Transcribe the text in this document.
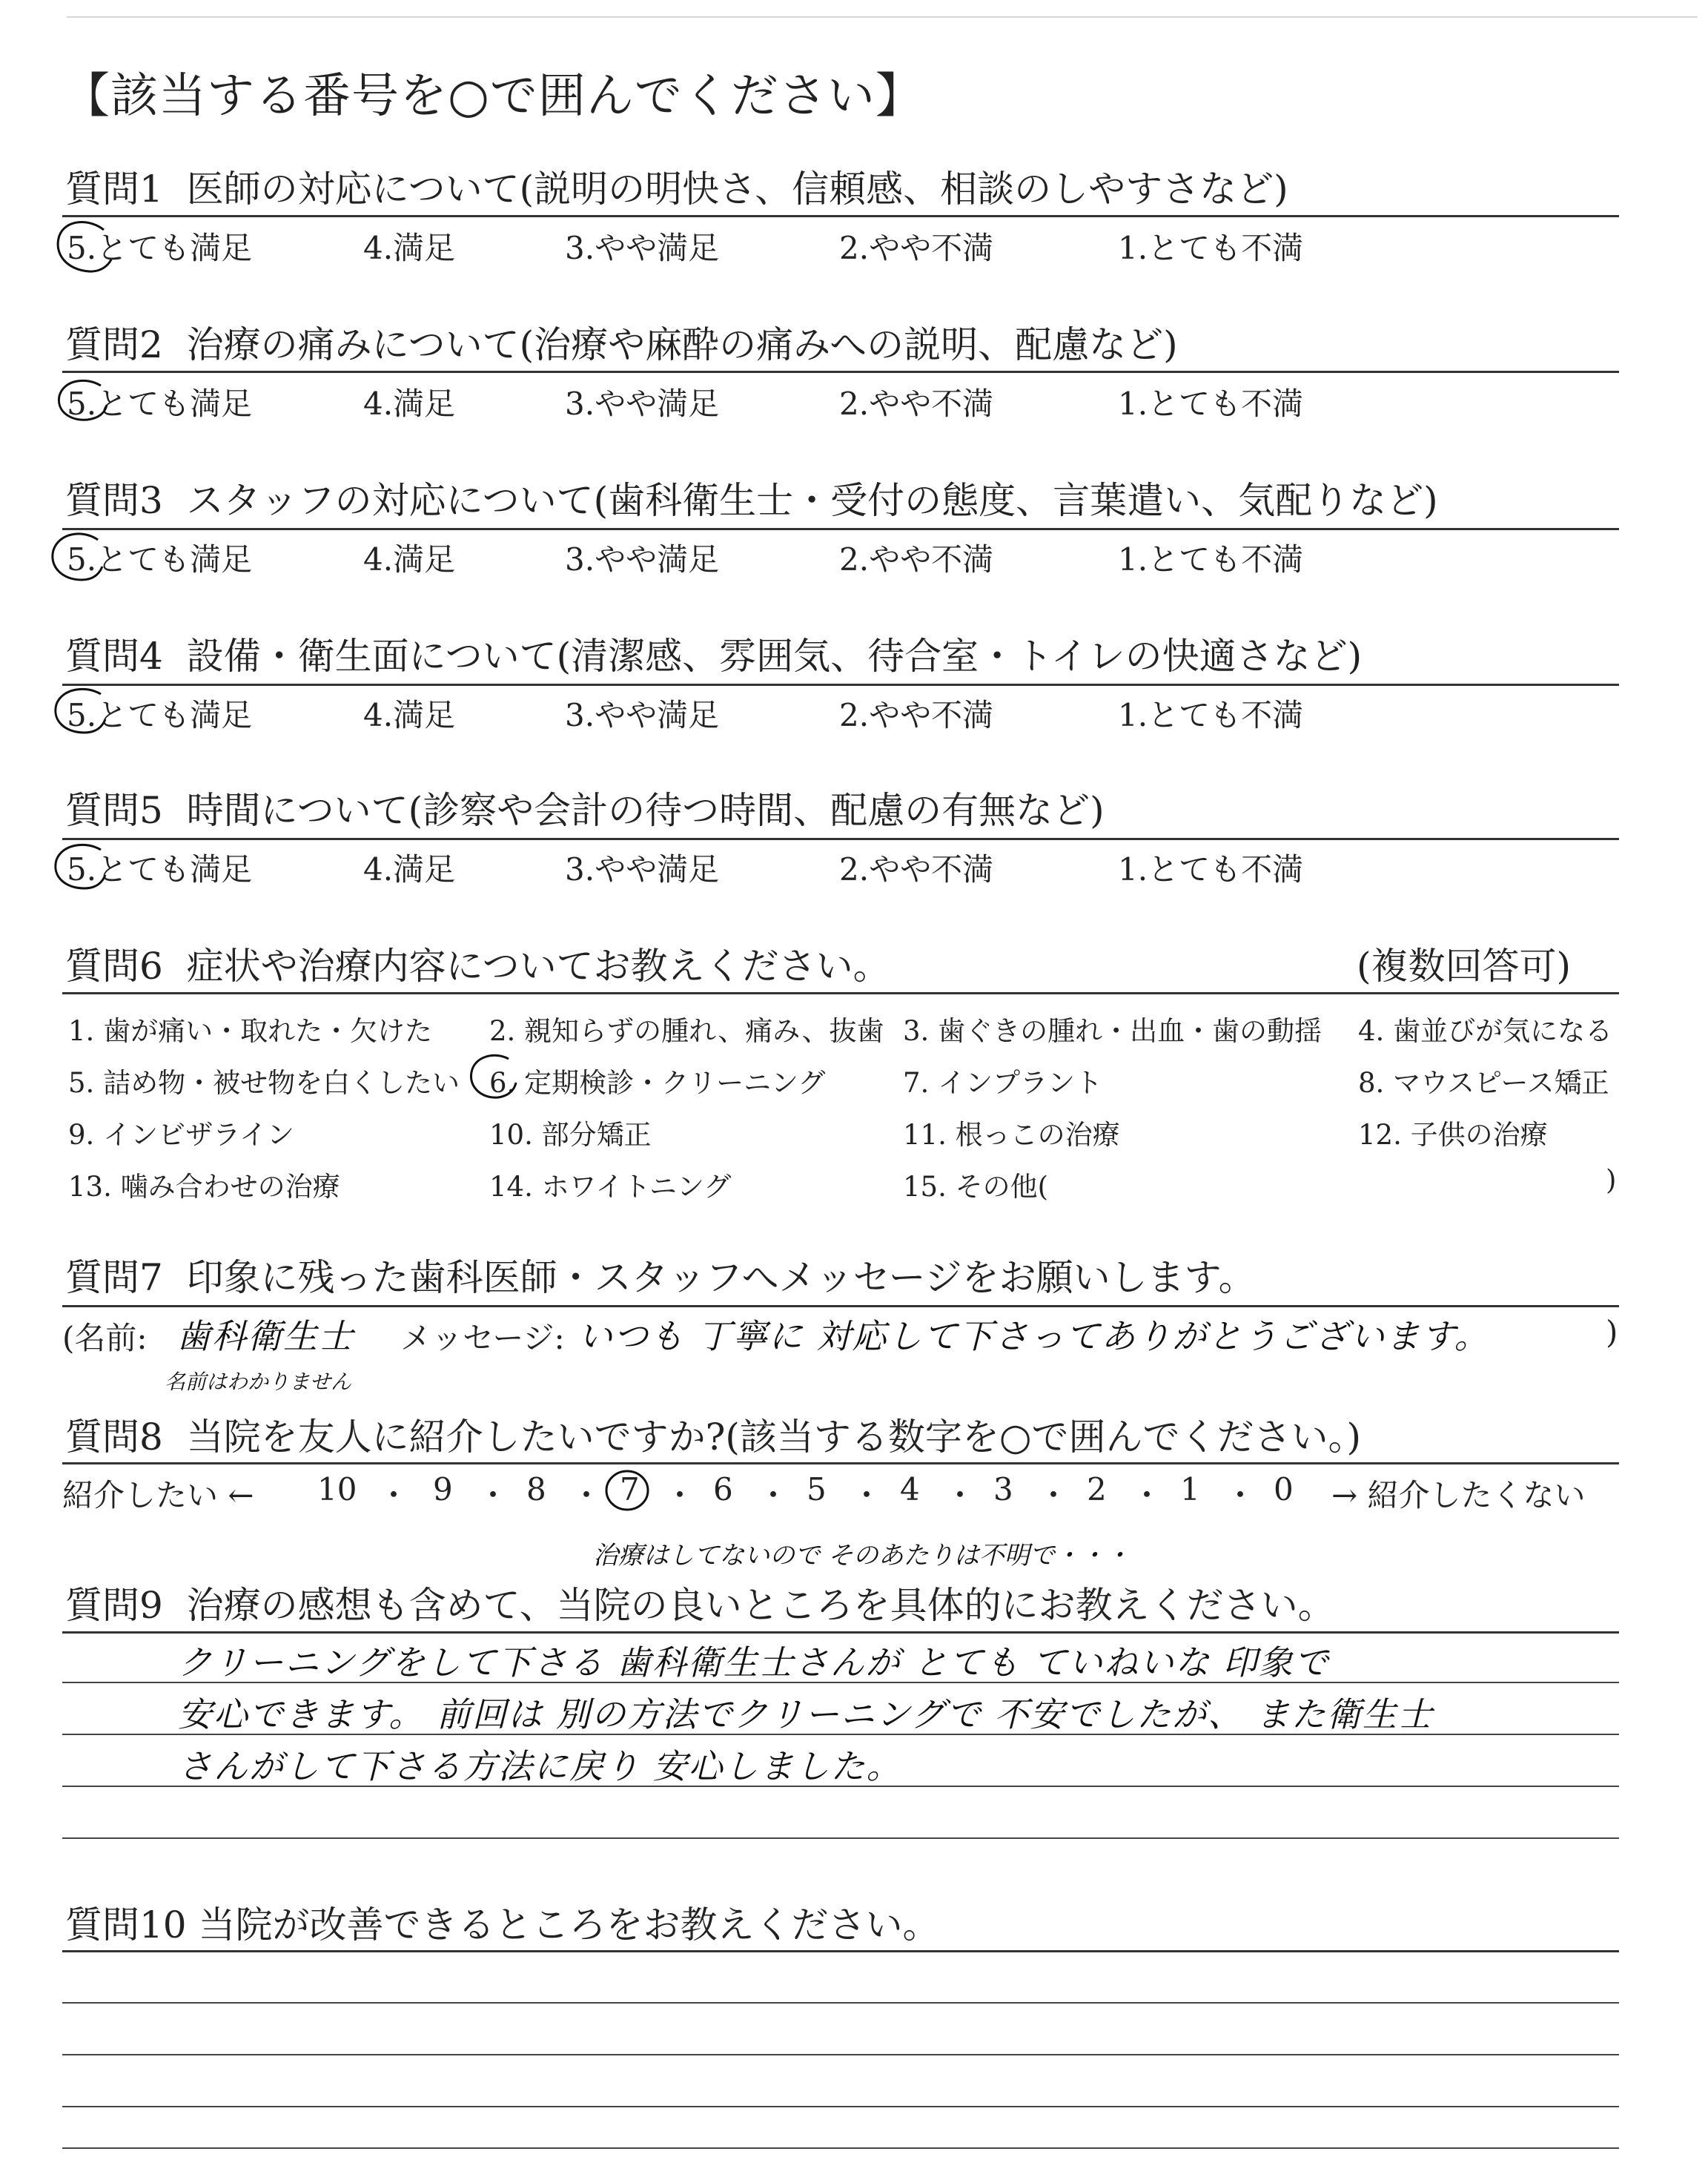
【該当する番号を○で囲んでください】
質問1 医師の対応について(説明の明快さ、信頼感、相談のしやすさなど)
5.とても満足	4.満足	3.やや満足	2.やや不満	1.とても不満
質問2 治療の痛みについて(治療や麻酔の痛みへの説明、配慮など)
5.とても満足	4.満足	3.やや満足	2.やや不満	1.とても不満
質問3 スタッフの対応について(歯科衛生士・受付の態度、言葉遣い、気配りなど)
5.とても満足	4.満足	3.やや満足	2.やや不満	1.とても不満
質問4 設備・衛生面について(清潔感、雰囲気、待合室・トイレの快適さなど)
5.とても満足	4.満足	3.やや満足	2.やや不満	1.とても不満
質問5 時間について(診察や会計の待つ時間、配慮の有無など)
5.とても満足	4.満足	3.やや満足	2.やや不満	1.とても不満
質問6 症状や治療内容についてお教えください。	(複数回答可)
1. 歯が痛い・取れた・欠けた 2. 親知らずの腫れ、痛み、抜歯 3. 歯ぐきの腫れ・出血・歯の動揺 4. 歯並びが気になる
5. 詰め物・被せ物を白くしたい 6. 定期検診・クリーニング	7. インプラント	8. マウスピース矯正
9. インビザライン	10. 部分矯正	11. 根っこの治療	12. 子供の治療
13. 噛み合わせの治療	14. ホワイトニング	15. その他(	)
質問7 印象に残った歯科医師・スタッフへメッセージをお願いします。
(名前: 歯科衛生士 メッセージ: いつも 丁寧に 対応して下さってありがとうございます。	)
名前はわかりません
質問8 当院を友人に紹介したいですか?(該当する数字を○で囲んでください。)
紹介したい ← 10 ・ 9 ・ 8 ・ 7 ・ 6 ・ 5 ・ 4 ・ 3 ・ 2 ・ 1 ・ 0 → 紹介したくない
治療はしてないので そのあたりは不明で・・・
質問9 治療の感想も含めて、当院の良いところを具体的にお教えください。
クリーニングをして下さる 歯科衛生士さんが とても ていねいな 印象で
安心できます。 前回は 別の方法でクリーニングで 不安でしたが、 また衛生士
さんがして下さる方法に戻り 安心しました。
質問10 当院が改善できるところをお教えください。
